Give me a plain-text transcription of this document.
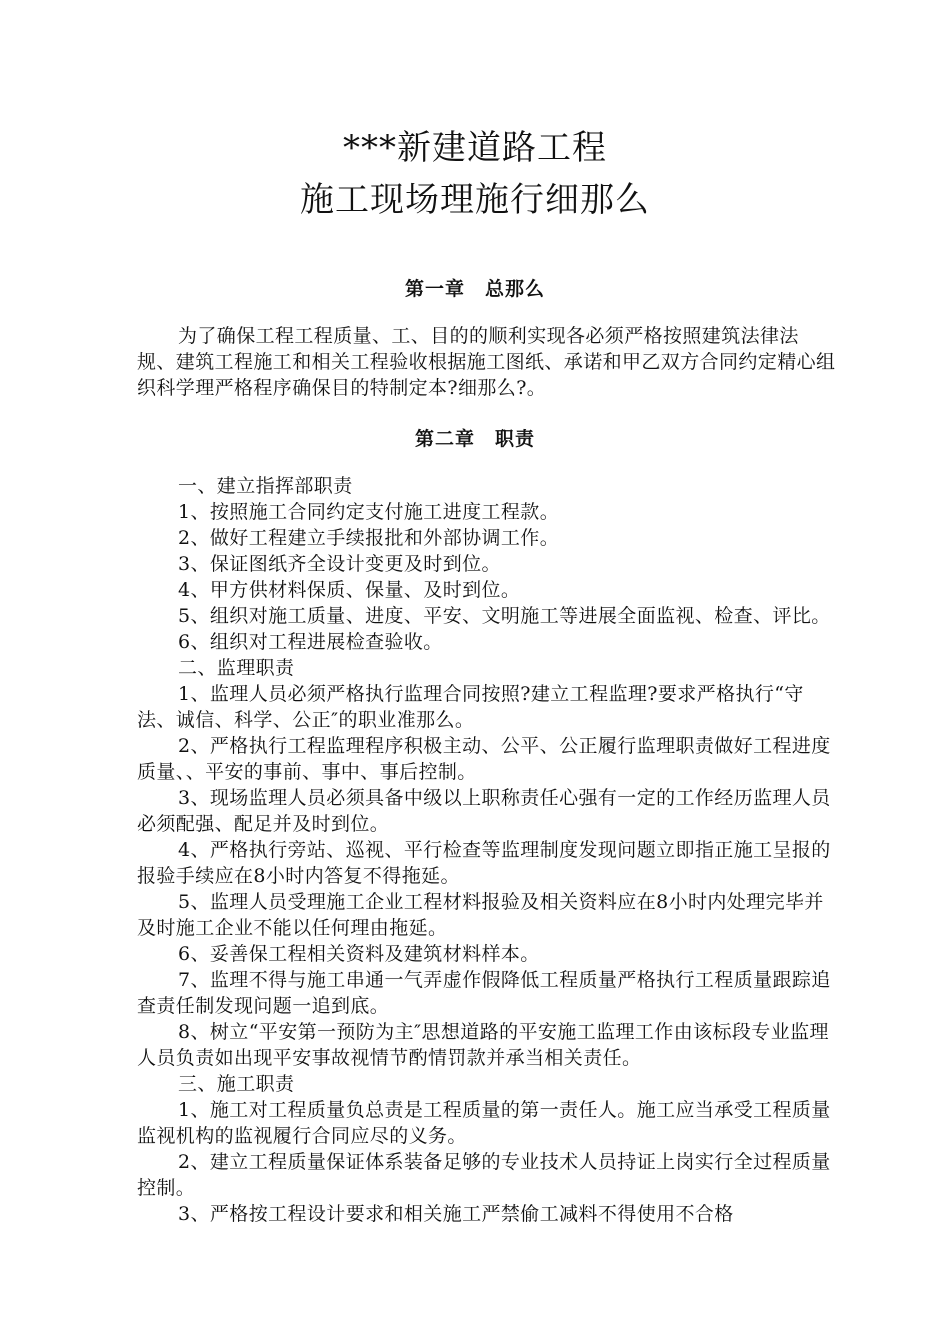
***新建道路工程
施工现场理施行细那么
第一章　总那么

为了确保工程工程质量、工、目的的顺利实现各必须严格按照建筑法律法规、建筑工程施工和相关工程验收根据施工图纸、承诺和甲乙双方合同约定精心组织科学理严格程序确保目的特制定本?细那么?。

第二章　职责

一、建立指挥部职责

1、按照施工合同约定支付施工进度工程款。

2、做好工程建立手续报批和外部协调工作。

3、保证图纸齐全设计变更及时到位。

4、甲方供材料保质、保量、及时到位。

5、组织对施工质量、进度、平安、文明施工等进展全面监视、检查、评比。

6、组织对工程进展检查验收。

二、监理职责

1、监理人员必须严格执行监理合同按照?建立工程监理?要求严格执行“守法、诚信、科学、公正″的职业准那么。

2、严格执行工程监理程序积极主动、公平、公正履行监理职责做好工程进度质量、、平安的事前、事中、事后控制。

3、现场监理人员必须具备中级以上职称责任心强有一定的工作经历监理人员必须配强、配足并及时到位。

4、严格执行旁站、巡视、平行检查等监理制度发现问题立即指正施工呈报的报验手续应在8小时内答复不得拖延。

5、监理人员受理施工企业工程材料报验及相关资料应在8小时内处理完毕并及时施工企业不能以任何理由拖延。

6、妥善保工程相关资料及建筑材料样本。

7、监理不得与施工串通一气弄虚作假降低工程质量严格执行工程质量跟踪追查责任制发现问题一追到底。

8、树立“平安第一预防为主″思想道路的平安施工监理工作由该标段专业监理人员负责如出现平安事故视情节酌情罚款并承当相关责任。

三、施工职责

1、施工对工程质量负总责是工程质量的第一责任人。施工应当承受工程质量监视机构的监视履行合同应尽的义务。

2、建立工程质量保证体系装备足够的专业技术人员持证上岗实行全过程质量控制。

3、严格按工程设计要求和相关施工严禁偷工减料不得使用不合格
